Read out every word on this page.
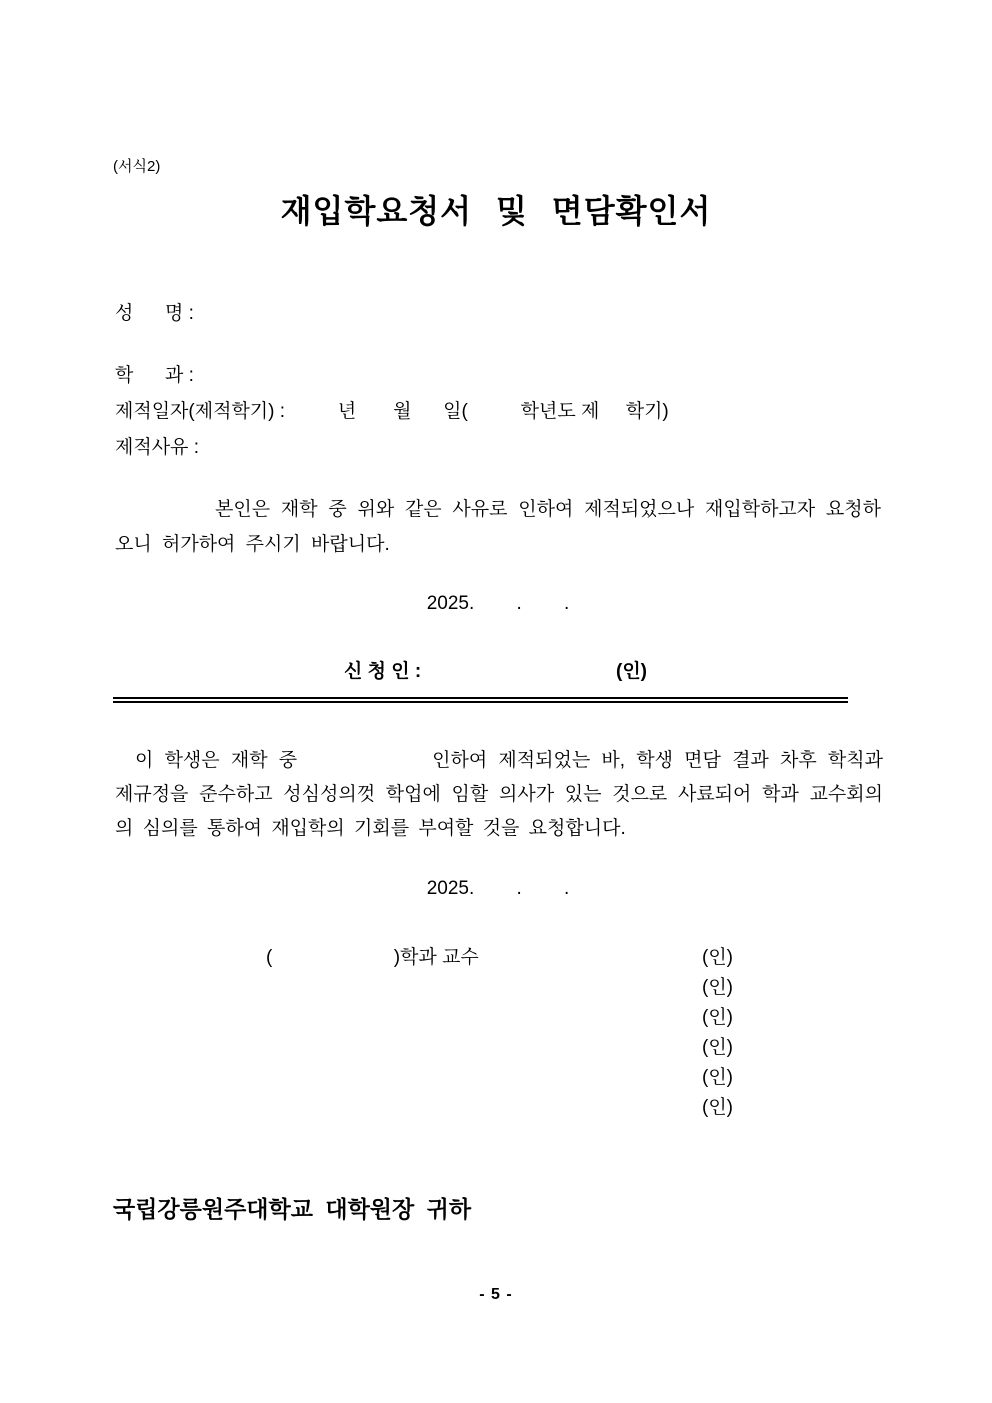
(서식2)
재입학요청서 및 면담확인서
성      명 :
학      과 :
제적일자(제적학기) :          년       월      일(          학년도 제     학기)
제적사유 :

본인은 재학 중 위와 같은 사유로 인하여 제적되었으나 재입학하고자 요청하오니 허가하여 주시기 바랍니다.

2025.        .        .
신 청 인 :	(인)

이 학생은 재학 중	인하여 제적되었는 바, 학생 면담 결과 차후 학칙과 제규정을 준수하고 성심성의껏 학업에 임할 의사가 있는 것으로 사료되어 학과 교수회의의 심의를 통하여 재입학의 기회를 부여할 것을 요청합니다.

2025.        .        .
(                       )학과 교수	(인)
(인)
(인)
(인)
(인)
(인)
국립강릉원주대학교 대학원장 귀하
- 5 -
